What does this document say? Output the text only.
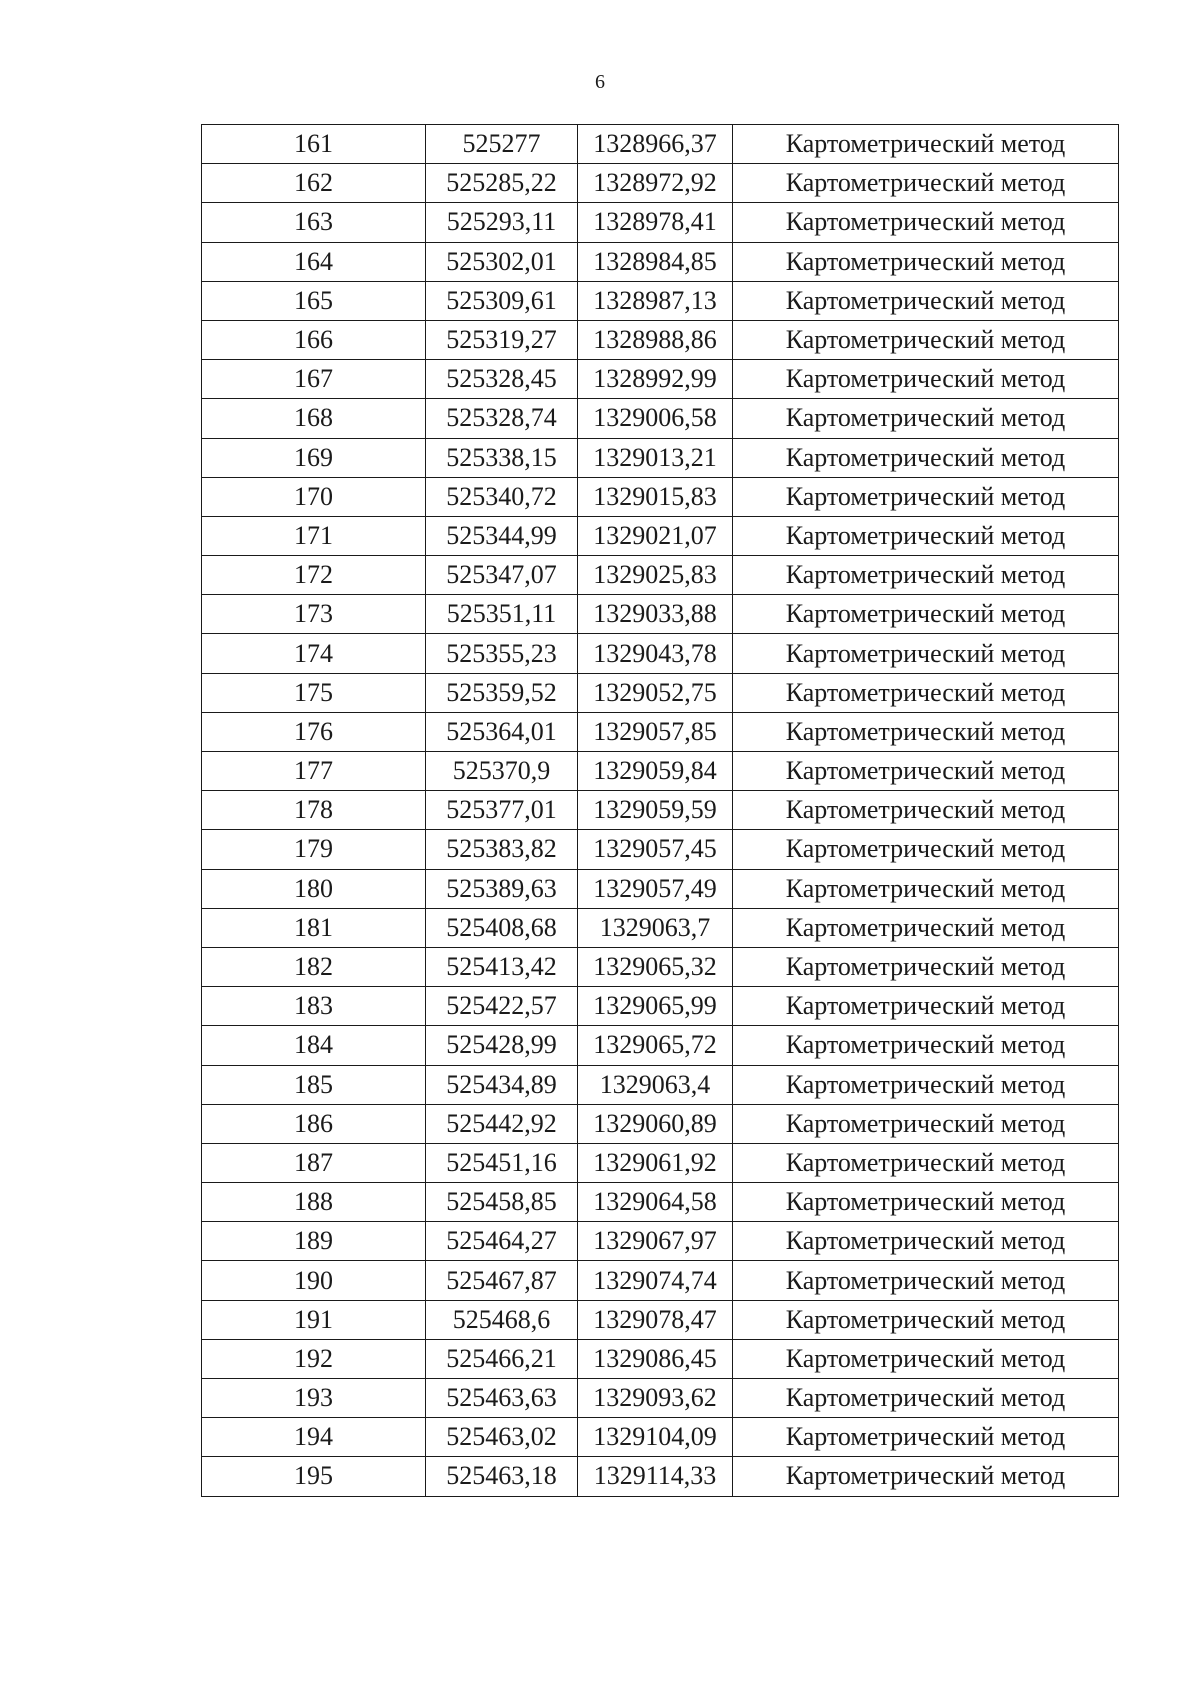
6
161	525277	1328966,37	Картометрический метод
162	525285,22	1328972,92	Картометрический метод
163	525293,11	1328978,41	Картометрический метод
164	525302,01	1328984,85	Картометрический метод
165	525309,61	1328987,13	Картометрический метод
166	525319,27	1328988,86	Картометрический метод
167	525328,45	1328992,99	Картометрический метод
168	525328,74	1329006,58	Картометрический метод
169	525338,15	1329013,21	Картометрический метод
170	525340,72	1329015,83	Картометрический метод
171	525344,99	1329021,07	Картометрический метод
172	525347,07	1329025,83	Картометрический метод
173	525351,11	1329033,88	Картометрический метод
174	525355,23	1329043,78	Картометрический метод
175	525359,52	1329052,75	Картометрический метод
176	525364,01	1329057,85	Картометрический метод
177	525370,9	1329059,84	Картометрический метод
178	525377,01	1329059,59	Картометрический метод
179	525383,82	1329057,45	Картометрический метод
180	525389,63	1329057,49	Картометрический метод
181	525408,68	1329063,7	Картометрический метод
182	525413,42	1329065,32	Картометрический метод
183	525422,57	1329065,99	Картометрический метод
184	525428,99	1329065,72	Картометрический метод
185	525434,89	1329063,4	Картометрический метод
186	525442,92	1329060,89	Картометрический метод
187	525451,16	1329061,92	Картометрический метод
188	525458,85	1329064,58	Картометрический метод
189	525464,27	1329067,97	Картометрический метод
190	525467,87	1329074,74	Картометрический метод
191	525468,6	1329078,47	Картометрический метод
192	525466,21	1329086,45	Картометрический метод
193	525463,63	1329093,62	Картометрический метод
194	525463,02	1329104,09	Картометрический метод
195	525463,18	1329114,33	Картометрический метод
